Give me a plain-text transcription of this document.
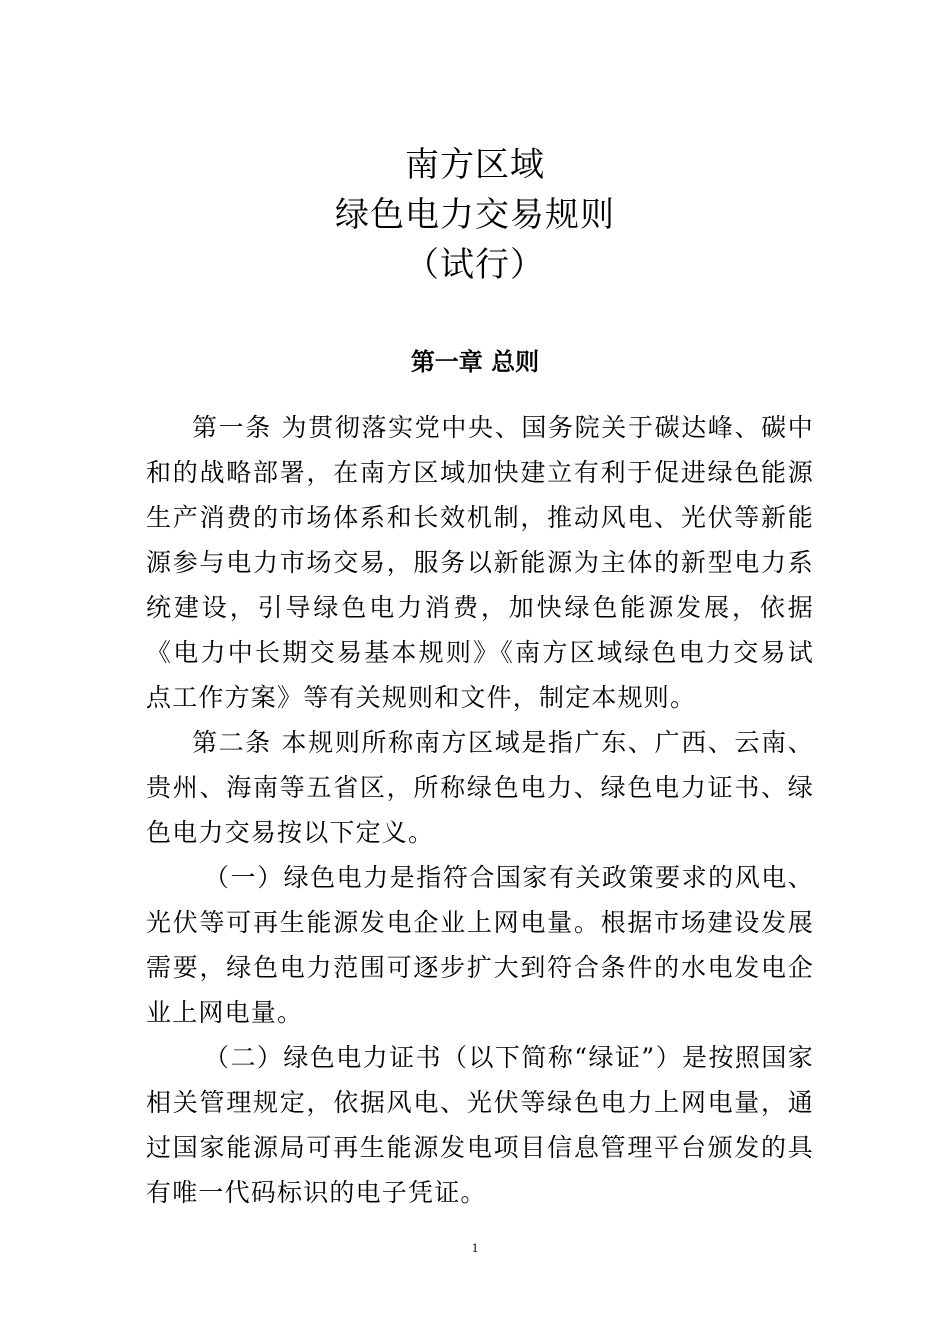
南方区域
绿色电力交易规则
（试行）
第一章 总则

第一条 为贯彻落实党中央、国务院关于碳达峰、碳中和的战略部署，在南方区域加快建立有利于促进绿色能源生产消费的市场体系和长效机制，推动风电、光伏等新能源参与电力市场交易，服务以新能源为主体的新型电力系统建设，引导绿色电力消费，加快绿色能源发展，依据《电力中长期交易基本规则》《南方区域绿色电力交易试点工作方案》等有关规则和文件，制定本规则。

第二条 本规则所称南方区域是指广东、广西、云南、贵州、海南等五省区，所称绿色电力、绿色电力证书、绿色电力交易按以下定义。

（一）绿色电力是指符合国家有关政策要求的风电、光伏等可再生能源发电企业上网电量。根据市场建设发展需要，绿色电力范围可逐步扩大到符合条件的水电发电企业上网电量。

（二）绿色电力证书（以下简称“绿证”）是按照国家相关管理规定，依据风电、光伏等绿色电力上网电量，通过国家能源局可再生能源发电项目信息管理平台颁发的具有唯一代码标识的电子凭证。

1
